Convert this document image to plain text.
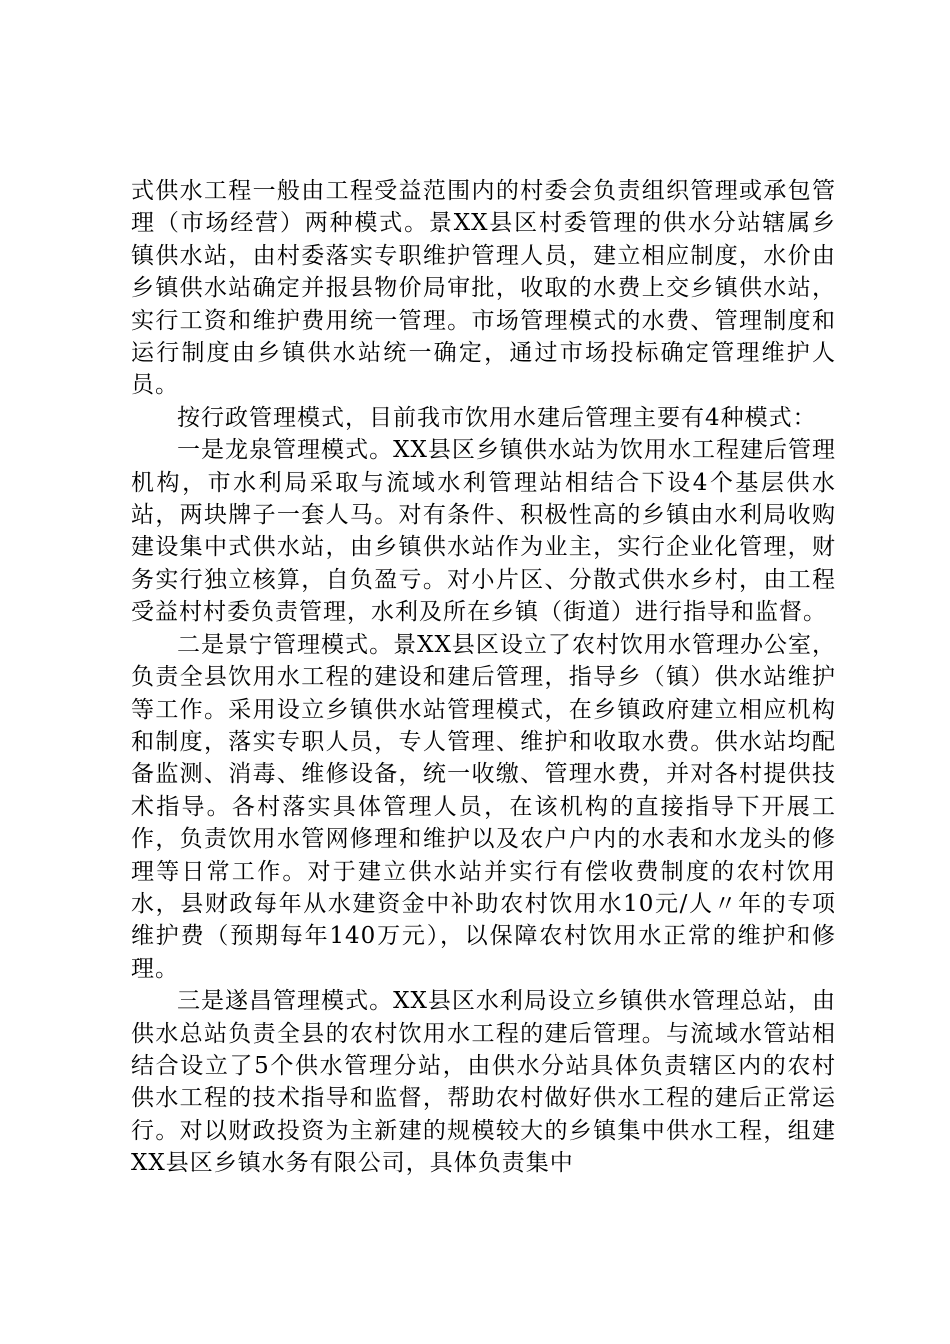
式供水工程一般由工程受益范围内的村委会负责组织管理或承包管理（市场经营）两种模式。景XX县区村委管理的供水分站辖属乡镇供水站，由村委落实专职维护管理人员，建立相应制度，水价由乡镇供水站确定并报县物价局审批，收取的水费上交乡镇供水站，实行工资和维护费用统一管理。市场管理模式的水费、管理制度和运行制度由乡镇供水站统一确定，通过市场投标确定管理维护人员。

按行政管理模式，目前我市饮用水建后管理主要有4种模式：

一是龙泉管理模式。XX县区乡镇供水站为饮用水工程建后管理机构，市水利局采取与流域水利管理站相结合下设4个基层供水站，两块牌子一套人马。对有条件、积极性高的乡镇由水利局收购建设集中式供水站，由乡镇供水站作为业主，实行企业化管理，财务实行独立核算，自负盈亏。对小片区、分散式供水乡村，由工程受益村村委负责管理，水利及所在乡镇（街道）进行指导和监督。

二是景宁管理模式。景XX县区设立了农村饮用水管理办公室，负责全县饮用水工程的建设和建后管理，指导乡（镇）供水站维护等工作。采用设立乡镇供水站管理模式，在乡镇政府建立相应机构和制度，落实专职人员，专人管理、维护和收取水费。供水站均配备监测、消毒、维修设备，统一收缴、管理水费，并对各村提供技术指导。各村落实具体管理人员，在该机构的直接指导下开展工作，负责饮用水管网修理和维护以及农户户内的水表和水龙头的修理等日常工作。对于建立供水站并实行有偿收费制度的农村饮用水，县财政每年从水建资金中补助农村饮用水10元/人〃年的专项维护费（预期每年140万元），以保障农村饮用水正常的维护和修理。

三是遂昌管理模式。XX县区水利局设立乡镇供水管理总站，由供水总站负责全县的农村饮用水工程的建后管理。与流域水管站相结合设立了5个供水管理分站，由供水分站具体负责辖区内的农村供水工程的技术指导和监督，帮助农村做好供水工程的建后正常运行。对以财政投资为主新建的规模较大的乡镇集中供水工程，组建XX县区乡镇水务有限公司，具体负责集中
